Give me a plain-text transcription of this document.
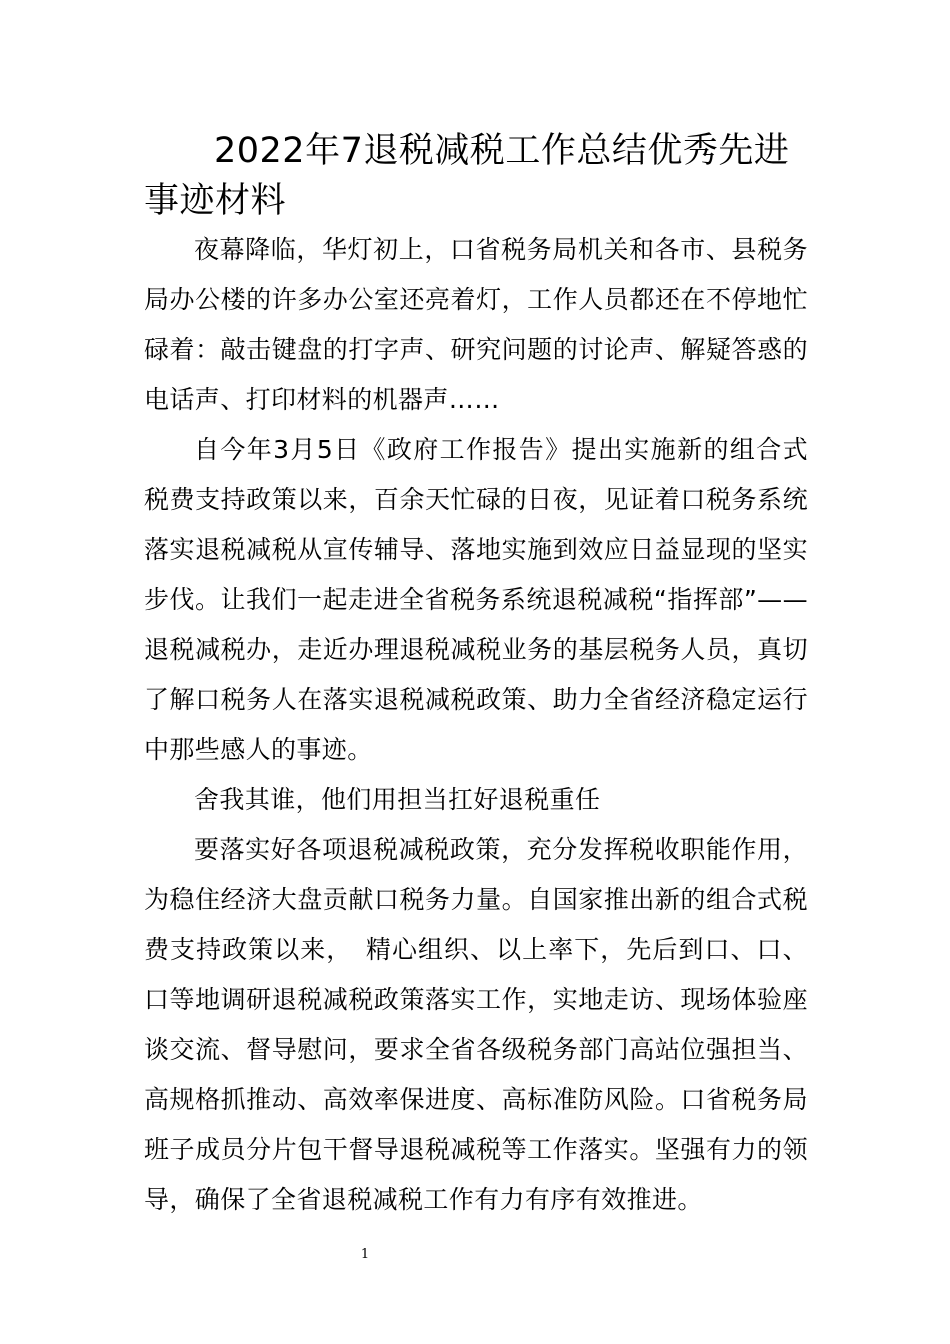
2022年7退税减税工作总结优秀先进事迹材料

夜幕降临，华灯初上，口省税务局机关和各市、县税务局办公楼的许多办公室还亮着灯，工作人员都还在不停地忙碌着：敲击键盘的打字声、研究问题的讨论声、解疑答惑的电话声、打印材料的机器声……

自今年3月5日《政府工作报告》提出实施新的组合式税费支持政策以来，百余天忙碌的日夜，见证着口税务系统落实退税减税从宣传辅导、落地实施到效应日益显现的坚实步伐。让我们一起走进全省税务系统退税减税“指挥部”——退税减税办，走近办理退税减税业务的基层税务人员，真切了解口税务人在落实退税减税政策、助力全省经济稳定运行中那些感人的事迹。

舍我其谁，他们用担当扛好退税重任

要落实好各项退税减税政策，充分发挥税收职能作用，为稳住经济大盘贡献口税务力量。自国家推出新的组合式税费支持政策以来，　精心组织、以上率下，先后到口、口、口等地调研退税减税政策落实工作，实地走访、现场体验座谈交流、督导慰问，要求全省各级税务部门高站位强担当、高规格抓推动、高效率保进度、高标准防风险。口省税务局班子成员分片包干督导退税减税等工作落实。坚强有力的领导，确保了全省退税减税工作有力有序有效推进。

1
